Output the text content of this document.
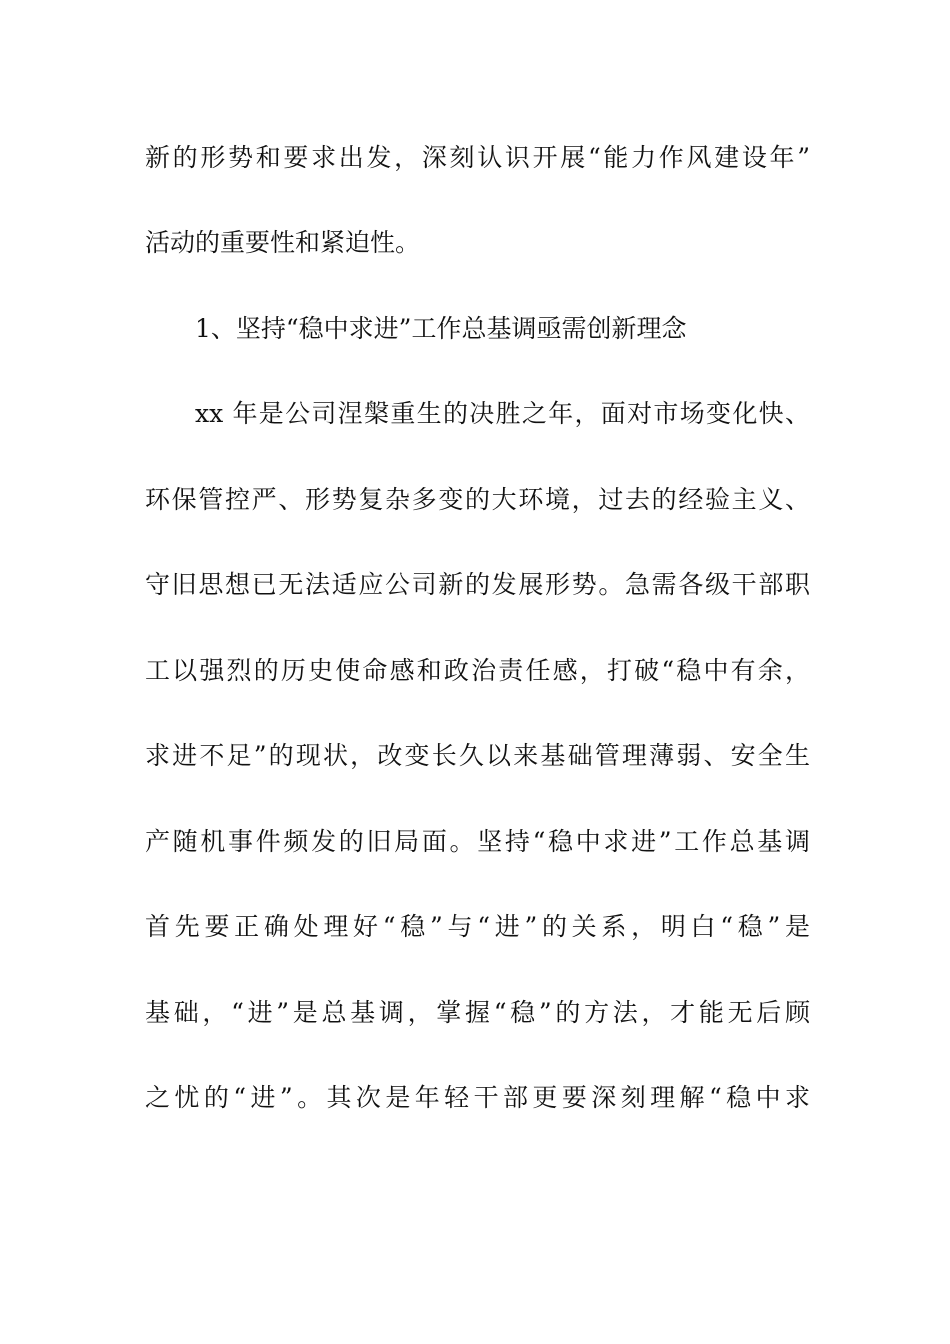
新的形势和要求出发，深刻认识开展“能力作风建设年”
活动的重要性和紧迫性。
1、坚持“稳中求进”工作总基调亟需创新理念
xx 年是公司涅槃重生的决胜之年，面对市场变化快、
环保管控严、形势复杂多变的大环境，过去的经验主义、
守旧思想已无法适应公司新的发展形势。急需各级干部职
工以强烈的历史使命感和政治责任感，打破“稳中有余，
求进不足”的现状，改变长久以来基础管理薄弱、安全生
产随机事件频发的旧局面。坚持“稳中求进”工作总基调
首先要正确处理好“稳”与“进”的关系，明白“稳”是
基础，“进”是总基调，掌握“稳”的方法，才能无后顾
之忧的“进”。其次是年轻干部更要深刻理解“稳中求
